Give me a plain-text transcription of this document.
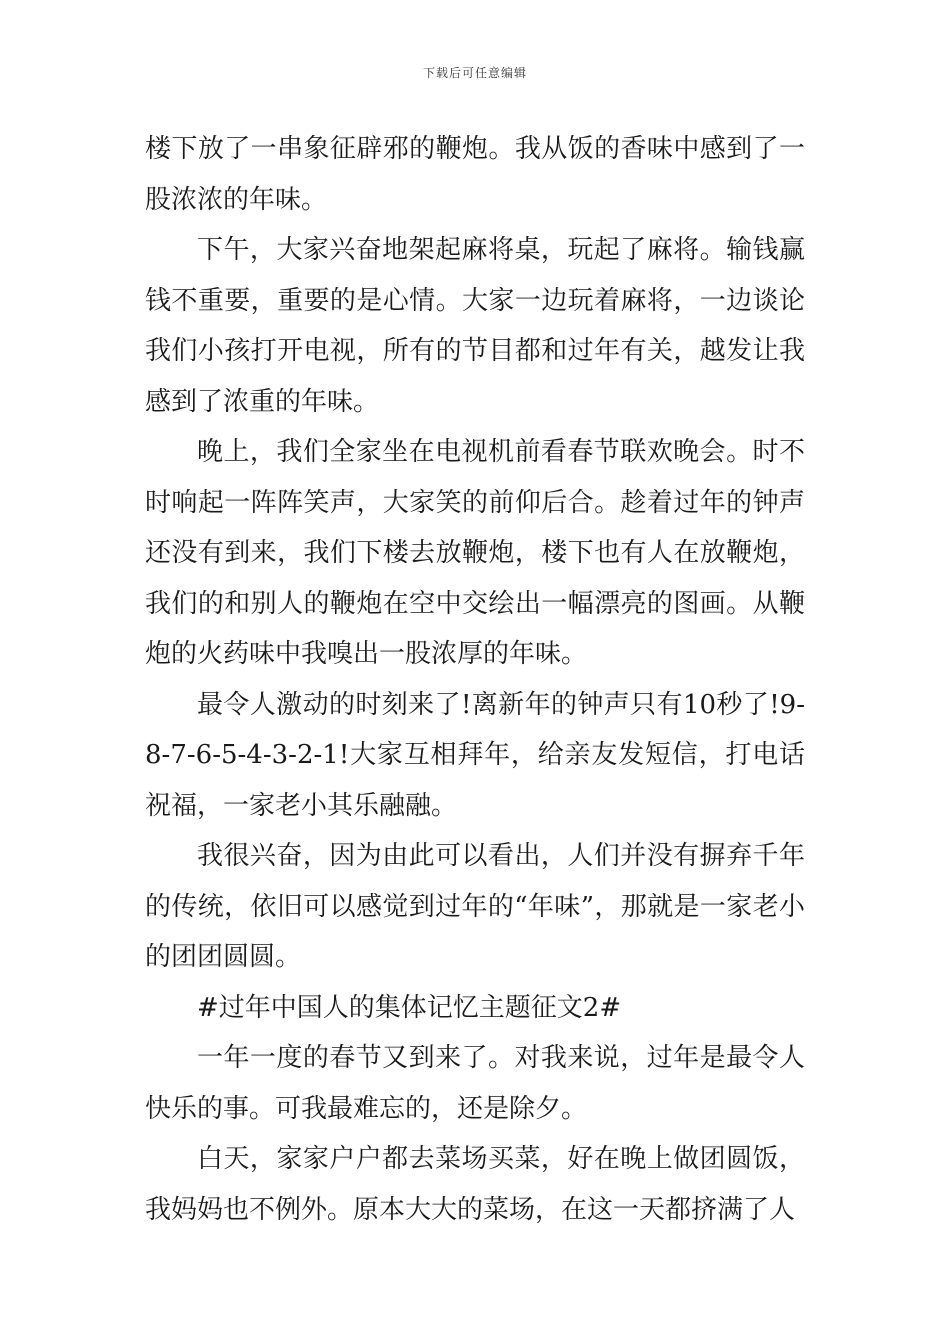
下载后可任意编辑

楼下放了一串象征辟邪的鞭炮。我从饭的香味中感到了一股浓浓的年味。

下午，大家兴奋地架起麻将桌，玩起了麻将。输钱赢钱不重要，重要的是心情。大家一边玩着麻将，一边谈论我们小孩打开电视，所有的节目都和过年有关，越发让我感到了浓重的年味。

晚上，我们全家坐在电视机前看春节联欢晚会。时不时响起一阵阵笑声，大家笑的前仰后合。趁着过年的钟声还没有到来，我们下楼去放鞭炮，楼下也有人在放鞭炮，我们的和别人的鞭炮在空中交绘出一幅漂亮的图画。从鞭炮的火药味中我嗅出一股浓厚的年味。

最令人激动的时刻来了!离新年的钟声只有10秒了!9-8-7-6-5-4-3-2-1!大家互相拜年，给亲友发短信，打电话祝福，一家老小其乐融融。

我很兴奋，因为由此可以看出，人们并没有摒弃千年的传统，依旧可以感觉到过年的“年味”，那就是一家老小的团团圆圆。

#过年中国人的集体记忆主题征文2#

一年一度的春节又到来了。对我来说，过年是最令人快乐的事。可我最难忘的，还是除夕。

白天，家家户户都去菜场买菜，好在晚上做团圆饭，我妈妈也不例外。原本大大的菜场，在这一天都挤满了人
